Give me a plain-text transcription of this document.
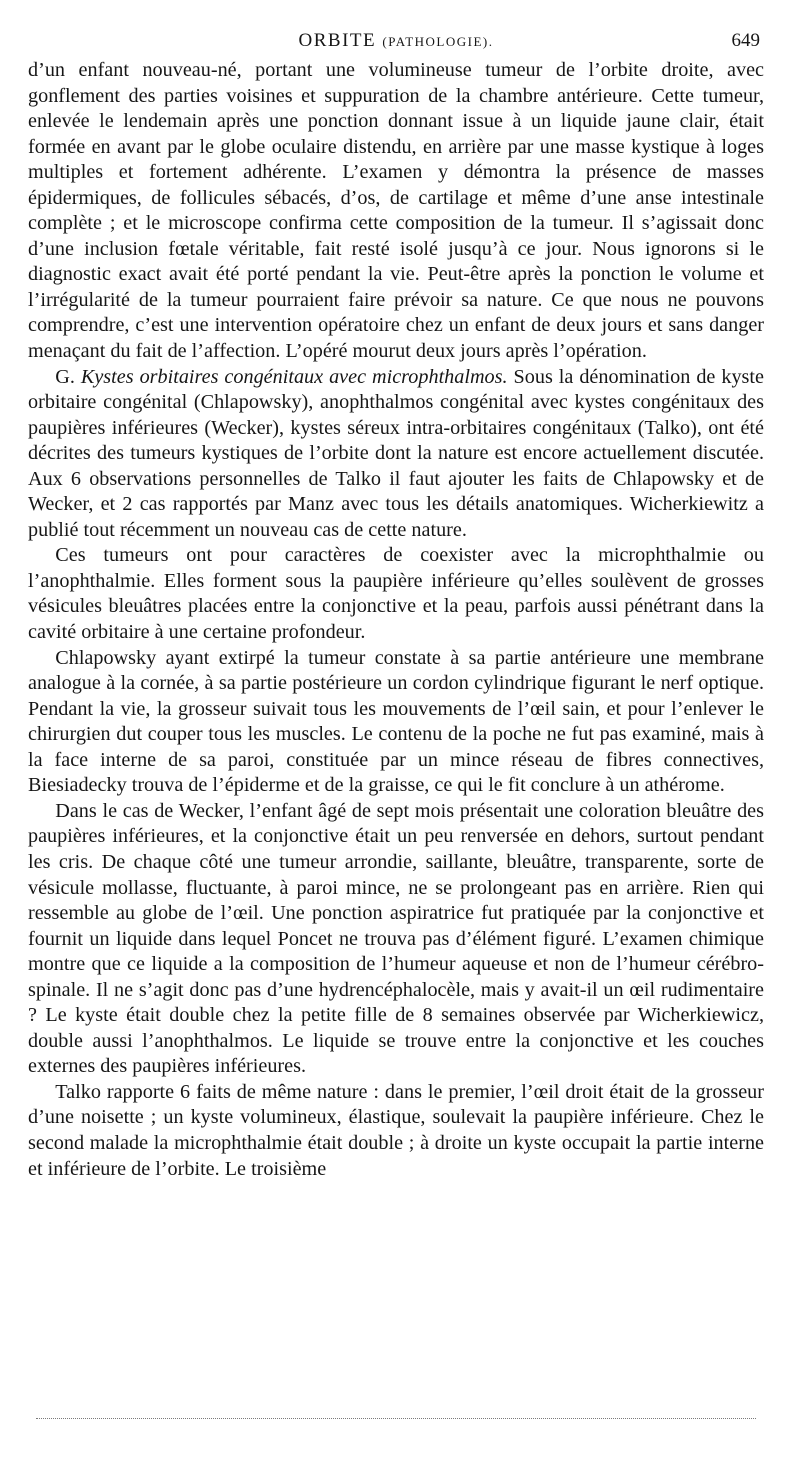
ORBITE (PATHOLOGIE).	649

d’un enfant nouveau-né, portant une volumineuse tumeur de l’orbite droite, avec gonflement des parties voisines et suppuration de la chambre antérieure. Cette tumeur, enlevée le lendemain après une ponction donnant issue à un liquide jaune clair, était formée en avant par le globe oculaire distendu, en arrière par une masse kystique à loges multiples et fortement adhérente. L’examen y démontra la présence de masses épidermiques, de follicules sébacés, d’os, de cartilage et même d’une anse intestinale complète ; et le microscope confirma cette composition de la tumeur. Il s’agissait donc d’une inclusion fœtale véritable, fait resté isolé jusqu’à ce jour. Nous ignorons si le diagnostic exact avait été porté pendant la vie. Peut-être après la ponction le volume et l’irrégularité de la tumeur pourraient faire prévoir sa nature. Ce que nous ne pouvons comprendre, c’est une intervention opératoire chez un enfant de deux jours et sans danger menaçant du fait de l’affection. L’opéré mourut deux jours après l’opération.

G. Kystes orbitaires congénitaux avec microphthalmos. Sous la dénomination de kyste orbitaire congénital (Chlapowsky), anophthalmos congénital avec kystes congénitaux des paupières inférieures (Wecker), kystes séreux intra-orbitaires congénitaux (Talko), ont été décrites des tumeurs kystiques de l’orbite dont la nature est encore actuellement discutée. Aux 6 observations personnelles de Talko il faut ajouter les faits de Chlapowsky et de Wecker, et 2 cas rapportés par Manz avec tous les détails anatomiques. Wicherkiewitz a publié tout récemment un nouveau cas de cette nature.

Ces tumeurs ont pour caractères de coexister avec la microphthalmie ou l’anophthalmie. Elles forment sous la paupière inférieure qu’elles soulèvent de grosses vésicules bleuâtres placées entre la conjonctive et la peau, parfois aussi pénétrant dans la cavité orbitaire à une certaine profondeur.

Chlapowsky ayant extirpé la tumeur constate à sa partie antérieure une membrane analogue à la cornée, à sa partie postérieure un cordon cylindrique figurant le nerf optique. Pendant la vie, la grosseur suivait tous les mouvements de l’œil sain, et pour l’enlever le chirurgien dut couper tous les muscles. Le contenu de la poche ne fut pas examiné, mais à la face interne de sa paroi, constituée par un mince réseau de fibres connectives, Biesiadecky trouva de l’épiderme et de la graisse, ce qui le fit conclure à un athérome.

Dans le cas de Wecker, l’enfant âgé de sept mois présentait une coloration bleuâtre des paupières inférieures, et la conjonctive était un peu renversée en dehors, surtout pendant les cris. De chaque côté une tumeur arrondie, saillante, bleuâtre, transparente, sorte de vésicule mollasse, fluctuante, à paroi mince, ne se prolongeant pas en arrière. Rien qui ressemble au globe de l’œil. Une ponction aspiratrice fut pratiquée par la conjonctive et fournit un liquide dans lequel Poncet ne trouva pas d’élément figuré. L’examen chimique montre que ce liquide a la composition de l’humeur aqueuse et non de l’humeur cérébro-spinale. Il ne s’agit donc pas d’une hydrencéphalocèle, mais y avait-il un œil rudimentaire ? Le kyste était double chez la petite fille de 8 semaines observée par Wicherkiewicz, double aussi l’anophthalmos. Le liquide se trouve entre la conjonctive et les couches externes des paupières inférieures.

Talko rapporte 6 faits de même nature : dans le premier, l’œil droit était de la grosseur d’une noisette ; un kyste volumineux, élastique, soulevait la paupière inférieure. Chez le second malade la microphthalmie était double ; à droite un kyste occupait la partie interne et inférieure de l’orbite. Le troisième
